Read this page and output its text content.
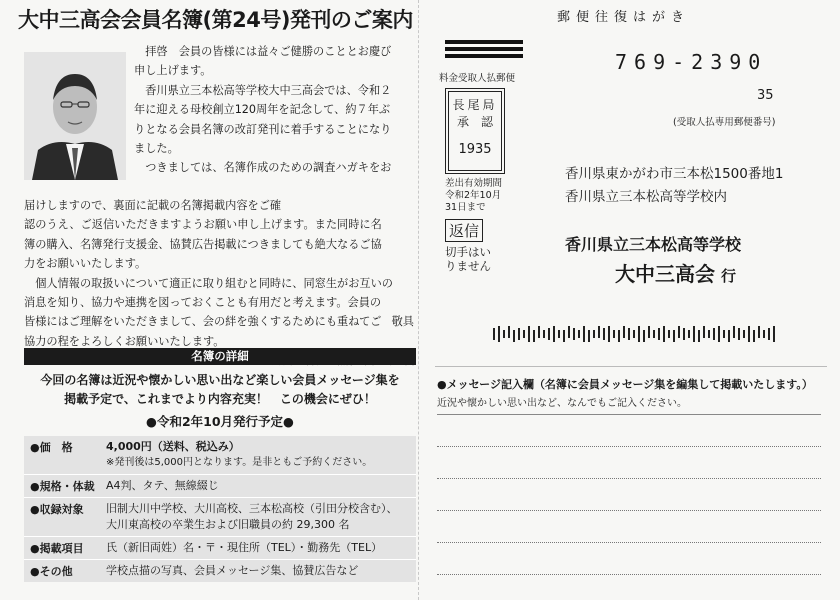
大中三高会会員名簿(第24号)発刊のご案内
拝啓　会員の皆様には益々ご健勝のこととお慶び
申し上げます。
香川県立三本松高等学校大中三高会では、令和２
年に迎える母校創立120周年を記念して、約７年ぶ
りとなる会員名簿の改訂発刊に着手することになり
ました。
つきましては、名簿作成のための調査ハガキをお
届けしますので、裏面に記載の名簿掲載内容をご確
認のうえ、ご返信いただきますようお願い申し上げます。また同時に名
簿の購入、名簿発行支援金、協賛広告掲載につきましても絶大なるご協
力をお願いいたします。
個人情報の取扱いについて適正に取り組むと同時に、同窓生がお互いの
消息を知り、協力や連携を図っておくことも有用だと考えます。会員の
皆様にはご理解をいただきまして、会の絆を強くするためにも重ねてご
協力の程をよろしくお願いいたします。
敬具
名簿の詳細
今回の名簿は近況や懐かしい思い出など楽しい会員メッセージ集を
掲載予定で、これまでより内容充実！　この機会にぜひ！
●令和2年10月発行予定●
●価　格	4,000円（送料、税込み）
※発刊後は5,000円となります。是非ともご予約ください。
●規格・体裁	A4判、タテ、無線綴じ
●収録対象	旧制大川中学校、大川高校、三本松高校（引田分校含む）、
大川東高校の卒業生および旧職員の約 29,300 名
●掲載項目	氏（新旧両姓）名・〒・現住所（TEL）・勤務先（TEL）
●その他	学校点描の写真、会員メッセージ集、協賛広告など
郵便往復はがき
料金受取人払郵便
長尾局
承　認
1935
差出有効期間
令和2年10月
31日まで
返信
切手はい
りません
769-2390
35
(受取人払専用郵便番号)
香川県東かがわ市三本松1500番地1
香川県立三本松高等学校内
香川県立三本松高等学校
大中三高会 行
●メッセージ記入欄（名簿に会員メッセージ集を編集して掲載いたします。）
近況や懐かしい思い出など、なんでもご記入ください。
